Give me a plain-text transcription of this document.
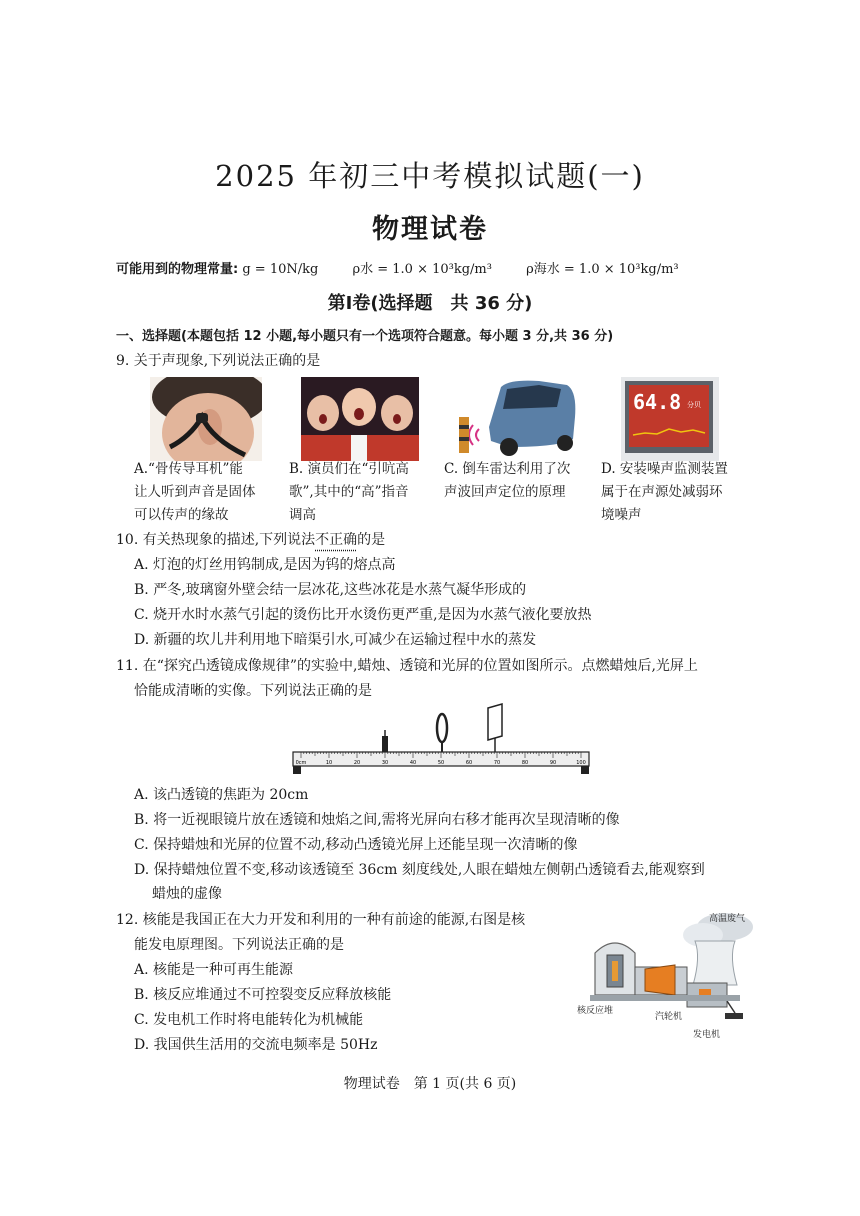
2025 年初三中考模拟试题(一)
物理试卷
可能用到的物理常量: g = 10N/kg	ρ水 = 1.0 × 10³kg/m³	ρ海水 = 1.0 × 10³kg/m³
第Ⅰ卷(选择题　共 36 分)
一、选择题(本题包括 12 小题,每小题只有一个选项符合题意。每小题 3 分,共 36 分)
9. 关于声现象,下列说法正确的是
64.8 分贝
A.“骨传导耳机”能
让人听到声音是固体
可以传声的缘故
B. 演员们在“引吭高
歌”,其中的“高”指音
调高
C. 倒车雷达利用了次
声波回声定位的原理
D. 安装噪声监测装置
属于在声源处减弱环
境噪声
10. 有关热现象的描述,下列说法不正确的是
A. 灯泡的灯丝用钨制成,是因为钨的熔点高
B. 严冬,玻璃窗外壁会结一层冰花,这些冰花是水蒸气凝华形成的
C. 烧开水时水蒸气引起的烫伤比开水烫伤更严重,是因为水蒸气液化要放热
D. 新疆的坎儿井利用地下暗渠引水,可减少在运输过程中水的蒸发
11. 在“探究凸透镜成像规律”的实验中,蜡烛、透镜和光屏的位置如图所示。点燃蜡烛后,光屏上
恰能成清晰的实像。下列说法正确的是
0cm	10	20	30	40	50	60	70	80	90	100
A. 该凸透镜的焦距为 20cm
B. 将一近视眼镜片放在透镜和烛焰之间,需将光屏向右移才能再次呈现清晰的像
C. 保持蜡烛和光屏的位置不动,移动凸透镜光屏上还能呈现一次清晰的像
D. 保持蜡烛位置不变,移动该透镜至 36cm 刻度线处,人眼在蜡烛左侧朝凸透镜看去,能观察到
蜡烛的虚像
12. 核能是我国正在大力开发和利用的一种有前途的能源,右图是核
能发电原理图。下列说法正确的是
A. 核能是一种可再生能源
B. 核反应堆通过不可控裂变反应释放核能
C. 发电机工作时将电能转化为机械能
D. 我国供生活用的交流电频率是 50Hz
高温废气
核反应堆
汽轮机
发电机
物理试卷　第 1 页(共 6 页)
